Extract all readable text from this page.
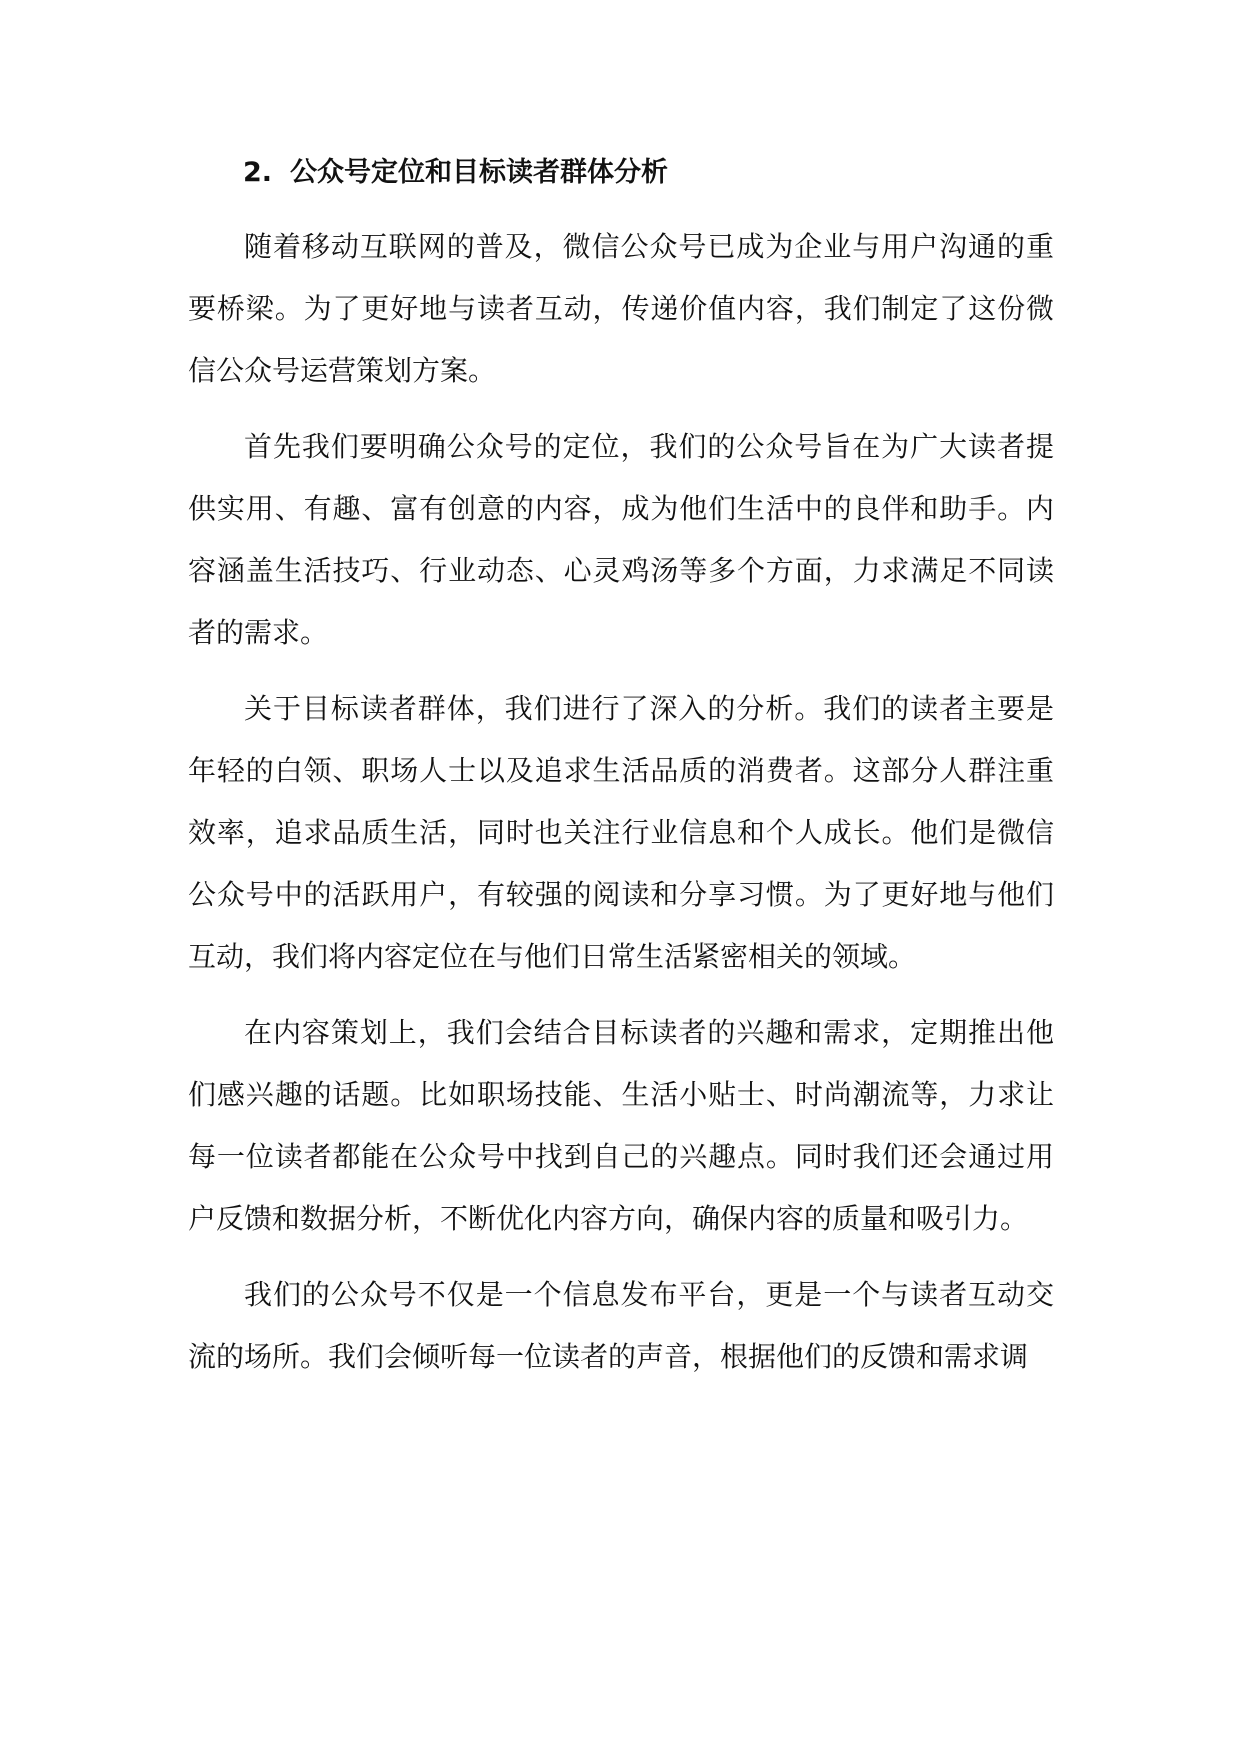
2. 公众号定位和目标读者群体分析

随着移动互联网的普及，微信公众号已成为企业与用户沟通的重要桥梁。为了更好地与读者互动，传递价值内容，我们制定了这份微信公众号运营策划方案。

首先我们要明确公众号的定位，我们的公众号旨在为广大读者提供实用、有趣、富有创意的内容，成为他们生活中的良伴和助手。内容涵盖生活技巧、行业动态、心灵鸡汤等多个方面，力求满足不同读者的需求。

关于目标读者群体，我们进行了深入的分析。我们的读者主要是年轻的白领、职场人士以及追求生活品质的消费者。这部分人群注重效率，追求品质生活，同时也关注行业信息和个人成长。他们是微信公众号中的活跃用户，有较强的阅读和分享习惯。为了更好地与他们互动，我们将内容定位在与他们日常生活紧密相关的领域。

在内容策划上，我们会结合目标读者的兴趣和需求，定期推出他们感兴趣的话题。比如职场技能、生活小贴士、时尚潮流等，力求让每一位读者都能在公众号中找到自己的兴趣点。同时我们还会通过用户反馈和数据分析，不断优化内容方向，确保内容的质量和吸引力。

我们的公众号不仅是一个信息发布平台，更是一个与读者互动交流的场所。我们会倾听每一位读者的声音，根据他们的反馈和需求调
